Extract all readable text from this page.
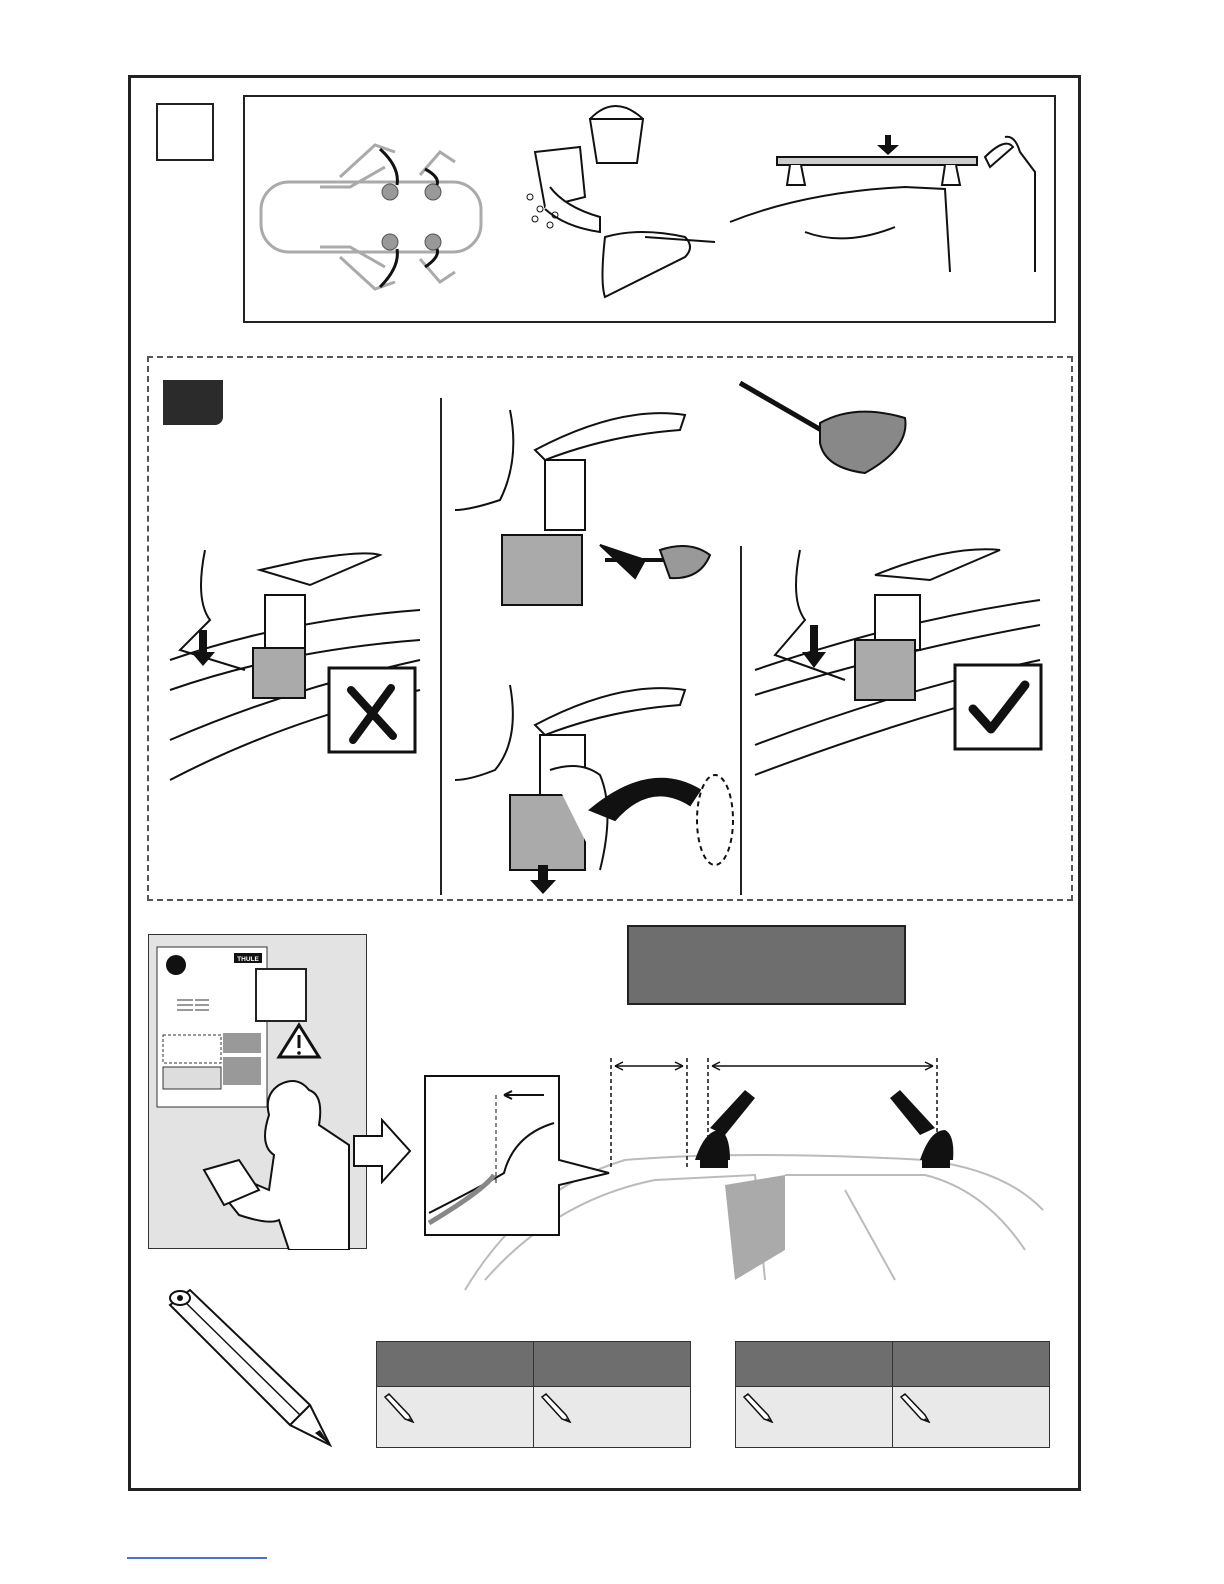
THULE
